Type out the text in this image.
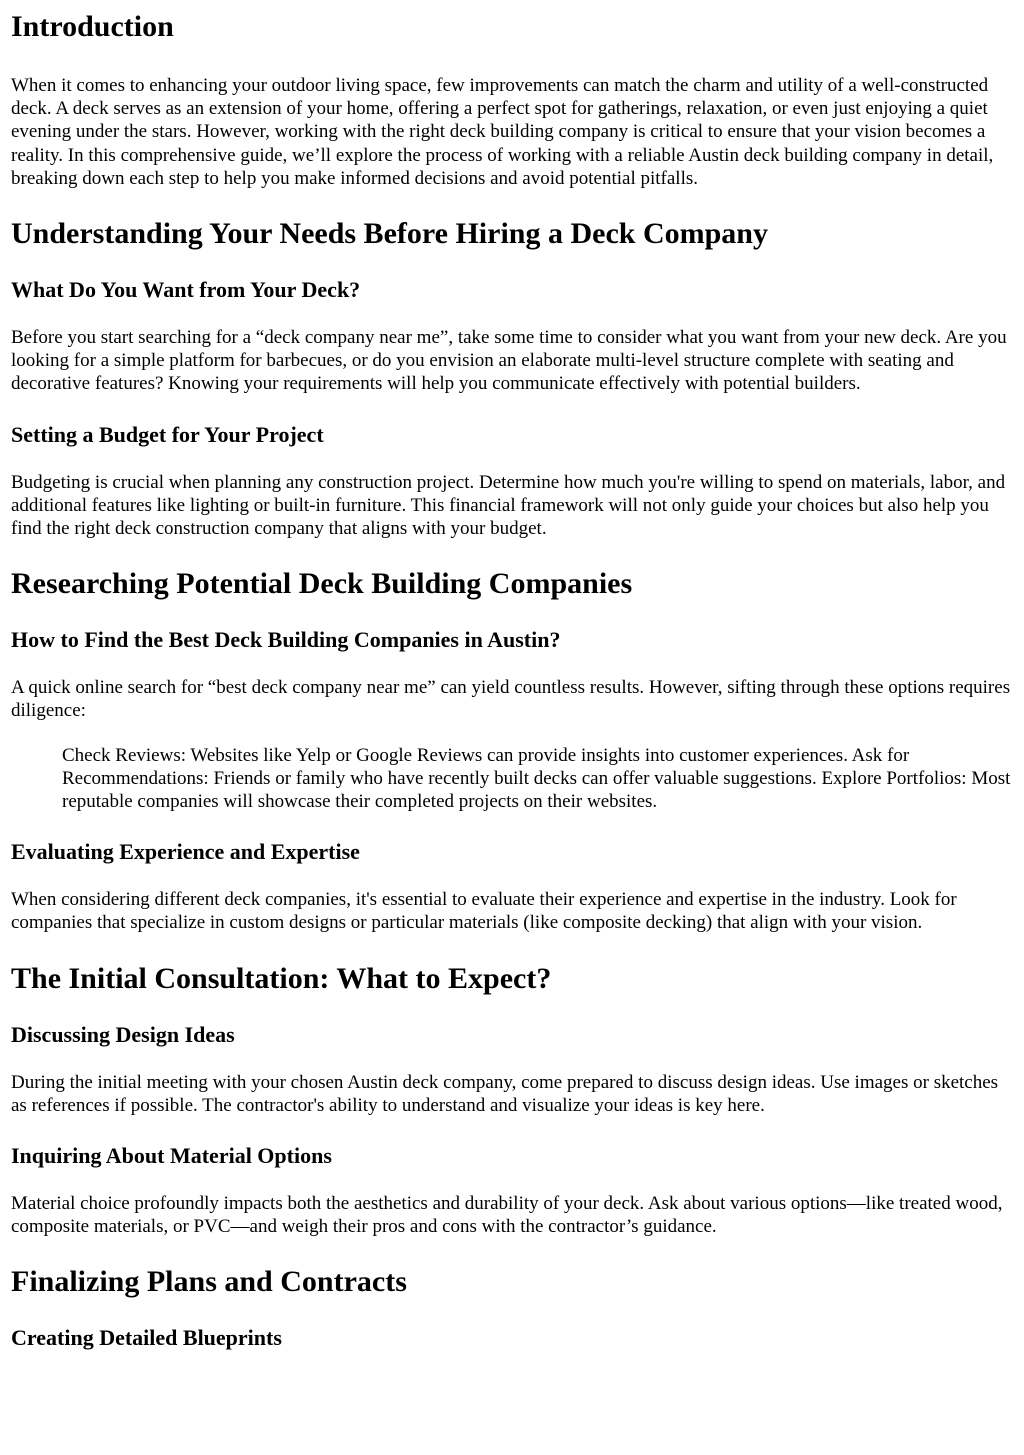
Introduction

When it comes to enhancing your outdoor living space, few improvements can match the charm and utility of a well-constructed deck. A deck serves as an extension of your home, offering a perfect spot for gatherings, relaxation, or even just enjoying a quiet evening under the stars. However, working with the right deck building company is critical to ensure that your vision becomes a reality. In this comprehensive guide, we’ll explore the process of working with a reliable Austin deck building company in detail, breaking down each step to help you make informed decisions and avoid potential pitfalls.

Understanding Your Needs Before Hiring a Deck Company
What Do You Want from Your Deck?

Before you start searching for a “deck company near me”, take some time to consider what you want from your new deck. Are you looking for a simple platform for barbecues, or do you envision an elaborate multi-level structure complete with seating and decorative features? Knowing your requirements will help you communicate effectively with potential builders.

Setting a Budget for Your Project

Budgeting is crucial when planning any construction project. Determine how much you're willing to spend on materials, labor, and additional features like lighting or built-in furniture. This financial framework will not only guide your choices but also help you find the right deck construction company that aligns with your budget.

Researching Potential Deck Building Companies
How to Find the Best Deck Building Companies in Austin?

A quick online search for “best deck company near me” can yield countless results. However, sifting through these options requires diligence:

Check Reviews: Websites like Yelp or Google Reviews can provide insights into customer experiences. Ask for Recommendations: Friends or family who have recently built decks can offer valuable suggestions. Explore Portfolios: Most reputable companies will showcase their completed projects on their websites.
Evaluating Experience and Expertise

When considering different deck companies, it's essential to evaluate their experience and expertise in the industry. Look for companies that specialize in custom designs or particular materials (like composite decking) that align with your vision.

The Initial Consultation: What to Expect?
Discussing Design Ideas

During the initial meeting with your chosen Austin deck company, come prepared to discuss design ideas. Use images or sketches as references if possible. The contractor's ability to understand and visualize your ideas is key here.

Inquiring About Material Options

Material choice profoundly impacts both the aesthetics and durability of your deck. Ask about various options—like treated wood, composite materials, or PVC—and weigh their pros and cons with the contractor’s guidance.

Finalizing Plans and Contracts
Creating Detailed Blueprints
